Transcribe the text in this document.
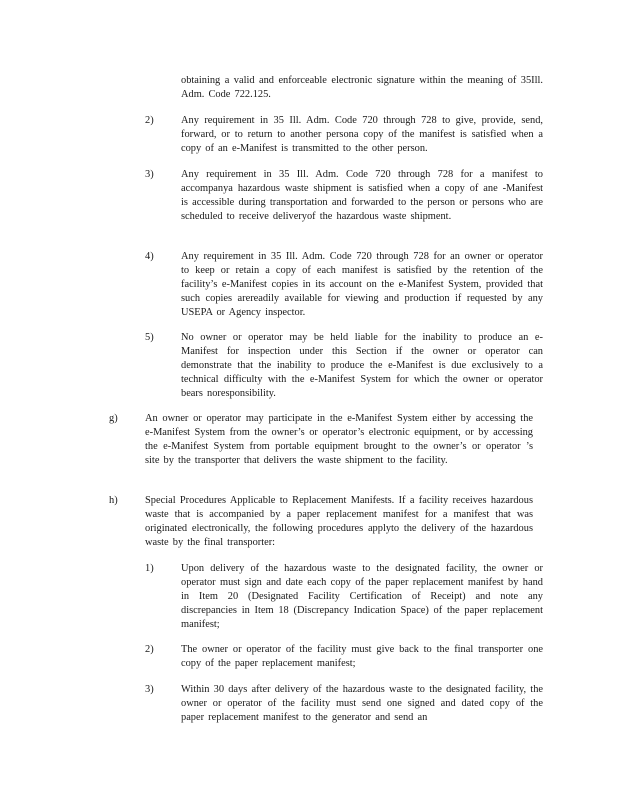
obtaining a valid and enforceable electronic signature within the meaning of 35Ill. Adm. Code 722.125.
2)	Any requirement in 35 Ill. Adm. Code 720 through 728 to give, provide, send, forward, or to return to another persona copy of the manifest is satisfied when a copy of an e-Manifest is transmitted to the other person.
3)	Any requirement in 35 Ill. Adm. Code 720 through 728 for a manifest to accompanya hazardous waste shipment is satisfied when a copy of ane -Manifest is accessible during transportation and forwarded to the person or persons who are scheduled to receive deliveryof the hazardous waste shipment.
4)	Any requirement in 35 Ill. Adm. Code 720 through 728 for an owner or operator to keep or retain a copy of each manifest is satisfied by the retention of the facility’s e-Manifest copies in its account on the e-Manifest System, provided that such copies arereadily available for viewing and production if requested by any USEPA or Agency inspector.
5)	No owner or operator may be held liable for the inability to produce an e-Manifest for inspection under this Section if the owner or operator can demonstrate that the inability to produce the e-Manifest is due exclusively to a technical difficulty with the e-Manifest System for which the owner or operator bears noresponsibility.
g)	An owner or operator may participate in the e-Manifest System either by accessing the e-Manifest System from the owner’s or operator’s electronic equipment, or by accessing the e-Manifest System from portable equipment brought to the owner’s or operator ’s site by the transporter that delivers the waste shipment to the facility.
h)	Special Procedures Applicable to Replacement Manifests. If a facility receives hazardous waste that is accompanied by a paper replacement manifest for a manifest that was originated electronically, the following procedures applyto the delivery of the hazardous waste by the final transporter:
1)	Upon delivery of the hazardous waste to the designated facility, the owner or operator must sign and date each copy of the paper replacement manifest by hand in Item 20 (Designated Facility Certification of Receipt) and note any discrepancies in Item 18 (Discrepancy Indication Space) of the paper replacement manifest;
2)	The owner or operator of the facility must give back to the final transporter one copy of the paper replacement manifest;
3)	Within 30 days after delivery of the hazardous waste to the designated facility, the owner or operator of the facility must send one signed and dated copy of the paper replacement manifest to the generator and send an
